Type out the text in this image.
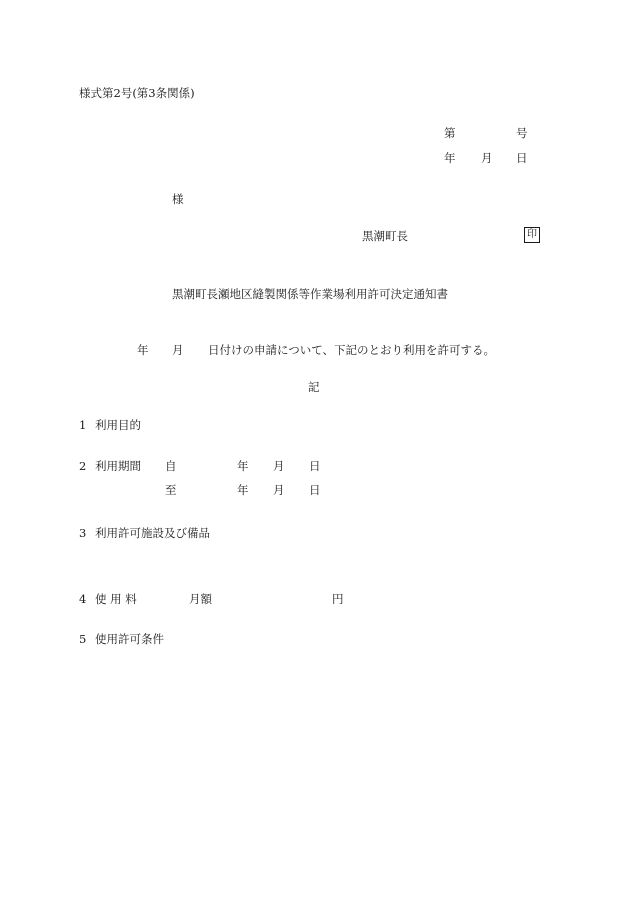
様式第2号(第3条関係)
第	号
年 月 日
様
黒潮町長	印
黒潮町長瀬地区縫製関係等作業場利用許可決定通知書
年 月 日付けの申請について、下記のとおり利用を許可する。
記
1 利用目的
2 利用期間 自	年 月 日
至	年 月 日
3 利用許可施設及び備品
4 使 用 料	月額	円
5 使用許可条件
